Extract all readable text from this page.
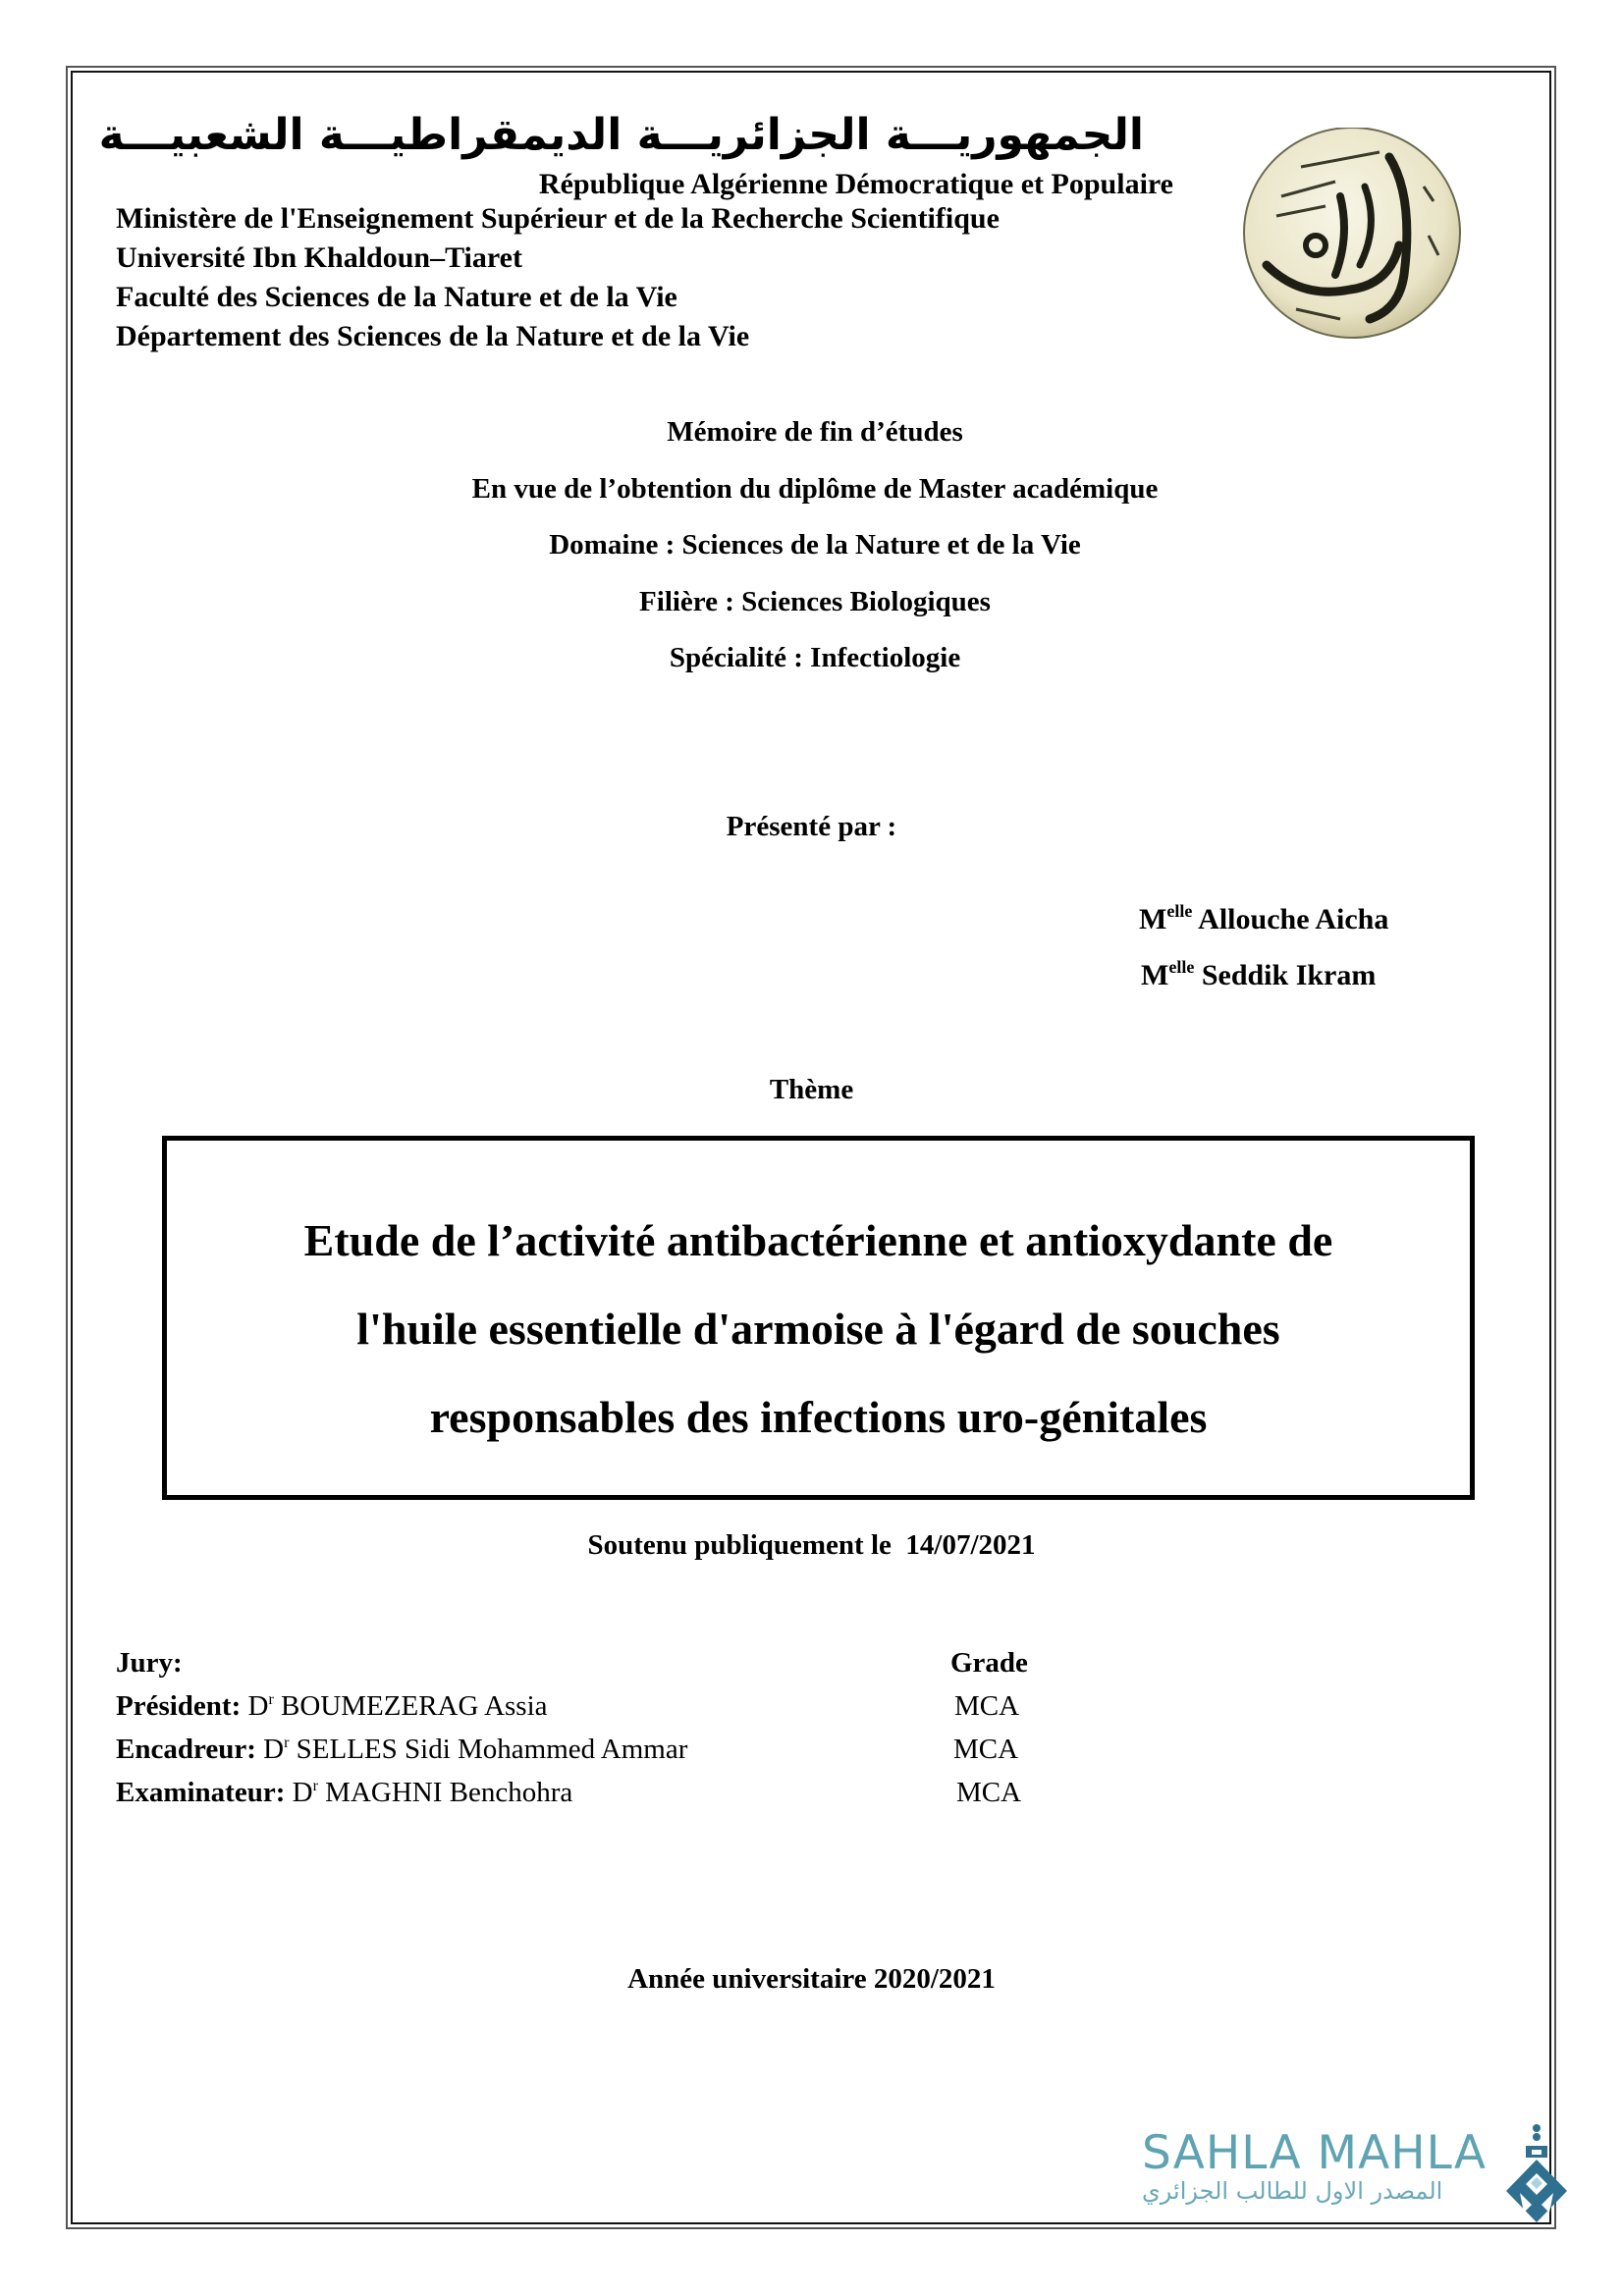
الجمهوريـــة الجزائريـــة الديمقراطيـــة الشعبيـــة
République Algérienne Démocratique et Populaire
Ministère de l'Enseignement Supérieur et de la Recherche Scientifique
Université Ibn Khaldoun–Tiaret
Faculté des Sciences de la Nature et de la Vie
Département des Sciences de la Nature et de la Vie
Mémoire de fin d’études
En vue de l’obtention du diplôme de Master académique
Domaine : Sciences de la Nature et de la Vie
Filière : Sciences Biologiques
Spécialité : Infectiologie
Présenté par :
$M^{elle}$ Allouche Aicha
$M^{elle}$ Seddik Ikram
Thème
Etude de l’activité antibactérienne et antioxydante de
l'huile essentielle d'armoise à l'égard de souches
responsables des infections uro-génitales
Soutenu publiquement le  14/07/2021
Jury:
Président: $D^r$ BOUMEZERAG Assia
Encadreur: $D^r$ SELLES Sidi Mohammed Ammar
Examinateur: $D^r$ MAGHNI Benchohra
Grade
MCA
MCA
MCA
Année universitaire 2020/2021
SAHLA MAHLA
المصدر الاول للطالب الجزائري
